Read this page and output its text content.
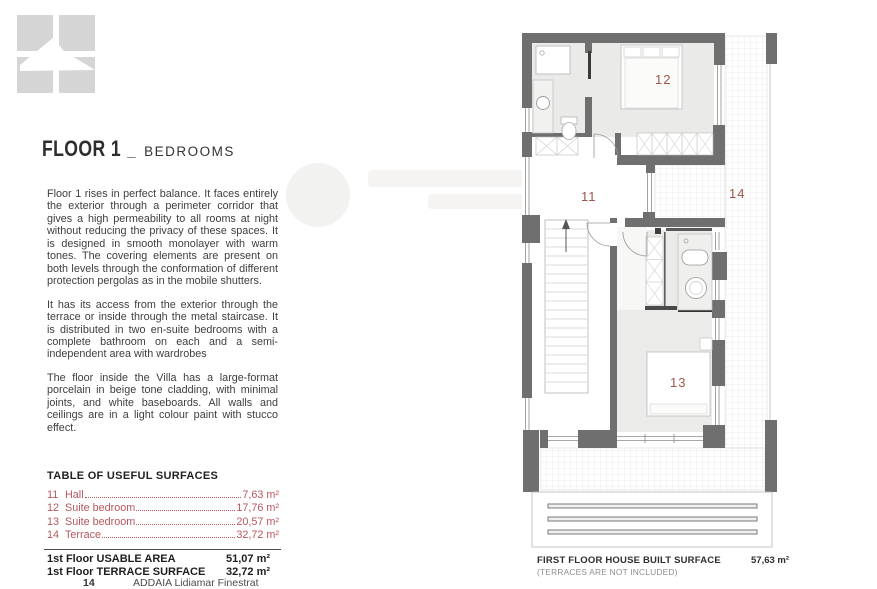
FLOOR 1 _ BEDROOMS

Floor 1 rises in perfect balance. It faces entirely the exterior through a perimeter corridor that gives a high permeability to all rooms at night without reducing the privacy of these spaces. It is designed in smooth monolayer with warm tones. The covering elements are present on both levels through the conformation of different protection pergolas as in the mobile shutters.

It has its access from the exterior through the terrace or inside through the metal staircase. It is distributed in two en-suite bedrooms with a complete bathroom on each and a semi-independent area with wardrobes

The floor inside the Villa has a large-format porcelain in beige tone cladding, with minimal joints, and white baseboards. All walls and ceilings are in a light colour paint with stucco effect.

TABLE OF USEFUL SURFACES
11 Hall	7,63 m²
12 Suite bedroom	17,76 m²
13 Suite bedroom	20,57 m²
14 Terrace	32,72 m²
1st Floor USABLE AREA	51,07 m²
1st Floor TERRACE SURFACE 32,72 m²
14	ADDAIA Lidiamar Finestrat
11
12
13
14
FIRST FLOOR HOUSE BUILT SURFACE	57,63 m²
(TERRACES ARE NOT INCLUDED)
